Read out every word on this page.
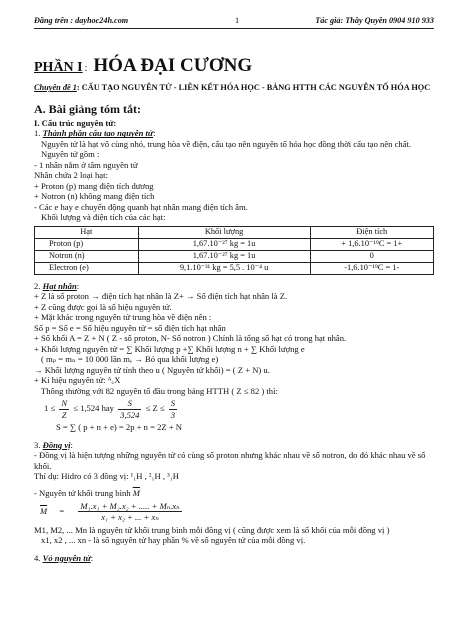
Đăng trên : dayhoc24h.com	1	Tác giả: Thầy Quyền 0904 910 933
PHẦN I : HÓA ĐẠI CƯƠNG
Chuyên đề 1: CẤU TẠO NGUYÊN TỬ - LIÊN KẾT HÓA HỌC - BẢNG HTTH CÁC NGUYÊN TỐ HÓA HỌC
A. Bài giảng tóm tắt:
I. Cấu trúc nguyên tử:
1. Thành phần cấu tạo nguyên tử:
Nguyên tử là hạt vô cùng nhỏ, trung hòa về điện, cấu tạo nên nguyên tố hóa học đồng thời cấu tạo nên chất.
Nguyên tử gồm :
- 1 nhân nằm ở tâm nguyên tử
Nhân chứa 2 loại hạt:
+ Proton (p) mang điện tích dương
+ Notron (n) không mang điện tích
- Các e hay e chuyển động quanh hạt nhân mang điện tích âm.
Khối lượng và điện tích của các hạt:
Hạt	Khối lượng	Điện tích
Proton (p)	1,67.10⁻²⁷ kg = 1u	+ 1,6.10⁻¹⁹C = 1+
Notron (n)	1,67.10⁻²⁷ kg = 1u	0
Electron (e)	9,1.10⁻³¹ kg = 5,5 . 10⁻⁴ u	-1,6.10⁻¹⁹C = 1-
2. Hạt nhân:
+ Z là số proton → điện tích hạt nhân là Z+ → Số điện tích hạt nhân là Z.
+ Z cũng được gọi là số hiệu nguyên tử.
+ Mặt khác trong nguyên tử trung hòa về điện nên :
Số p = Số e = Số hiệu nguyên tử = số điện tích hạt nhân
+ Số khối A = Z + N ( Z - số proton, N- Số notron ) Chính là tổng số hạt có trong hạt nhân.
+ Khối lượng nguyên tử = ∑ Khối lượng p +∑ Khối lượng n + ∑ Khối lượng e
( mₚ = mₙ = 10 000 lần mₑ → Bỏ qua khối lượng e)
→ Khối lượng nguyên tử tính theo u ( Nguyên tử khối) = ( Z + N) u.
+ Kí hiệu nguyên tử: ᴬ꜀X
Thông thường với 82 nguyên tố đầu trong bảng HTTH ( Z ≤ 82 ) thì:
$1 \le \frac{N}{Z} \le 1,524$ hay $\frac{S}{3,524} \le Z \le \frac{S}{3}$
S = ∑ ( p + n + e) = 2p + n = 2Z + N
3. Đồng vị:
- Đồng vị là hiện tượng những nguyên tử có cùng số proton nhưng khác nhau về số notron, do đó khác nhau về số khối.
Thí dụ: Hidro có 3 đồng vị: ¹₁H , ²₁H , ³₁H
- Nguyên tử khối trung bình $\overline{M}$
$\overline{M} = \frac{\text{M₁.x₁ + M₂.x₂ + ..... + Mₙ.xₙ}}{\text{x₁ + x₂ + ... + xₙ}}$
M1, M2, ... Mn là nguyên tử khối trung bình mỗi đồng vị ( cũng được xem là số khối của mỗi đồng vị )
x1, x2 , ... xn - là số nguyên tử hay phần % về số nguyên tử của mỗi đồng vị.
4. Vỏ nguyên tử:
